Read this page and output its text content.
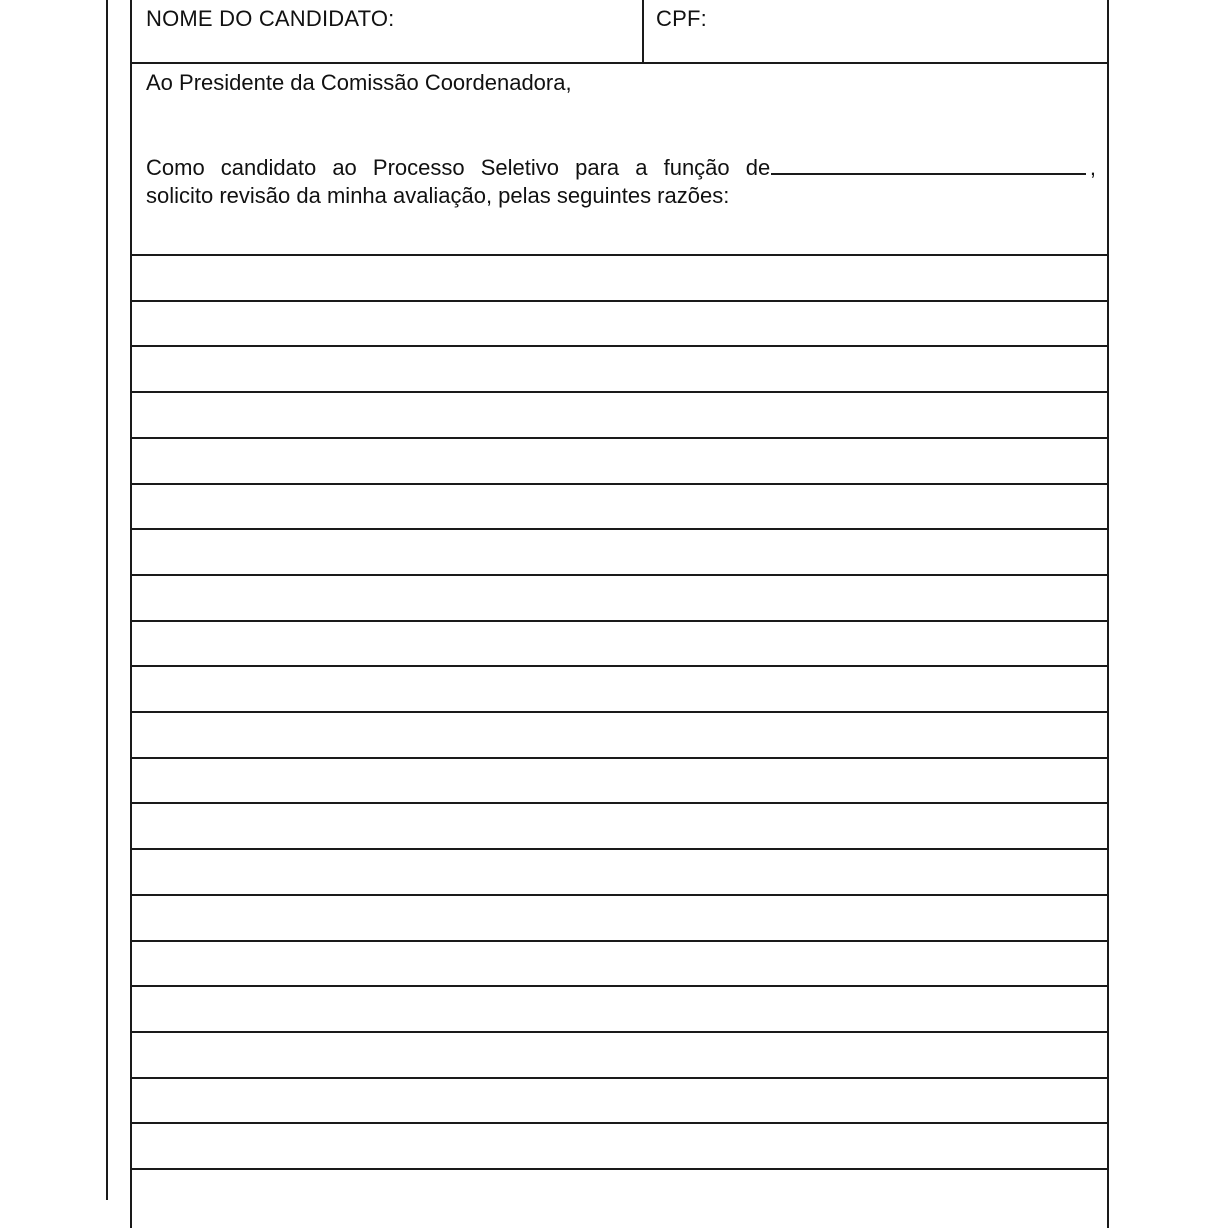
NOME DO CANDIDATO:	CPF:
Ao Presidente da Comissão Coordenadora,
Como candidato ao Processo Seletivo para a função de	,
solicito revisão da minha avaliação, pelas seguintes razões:
